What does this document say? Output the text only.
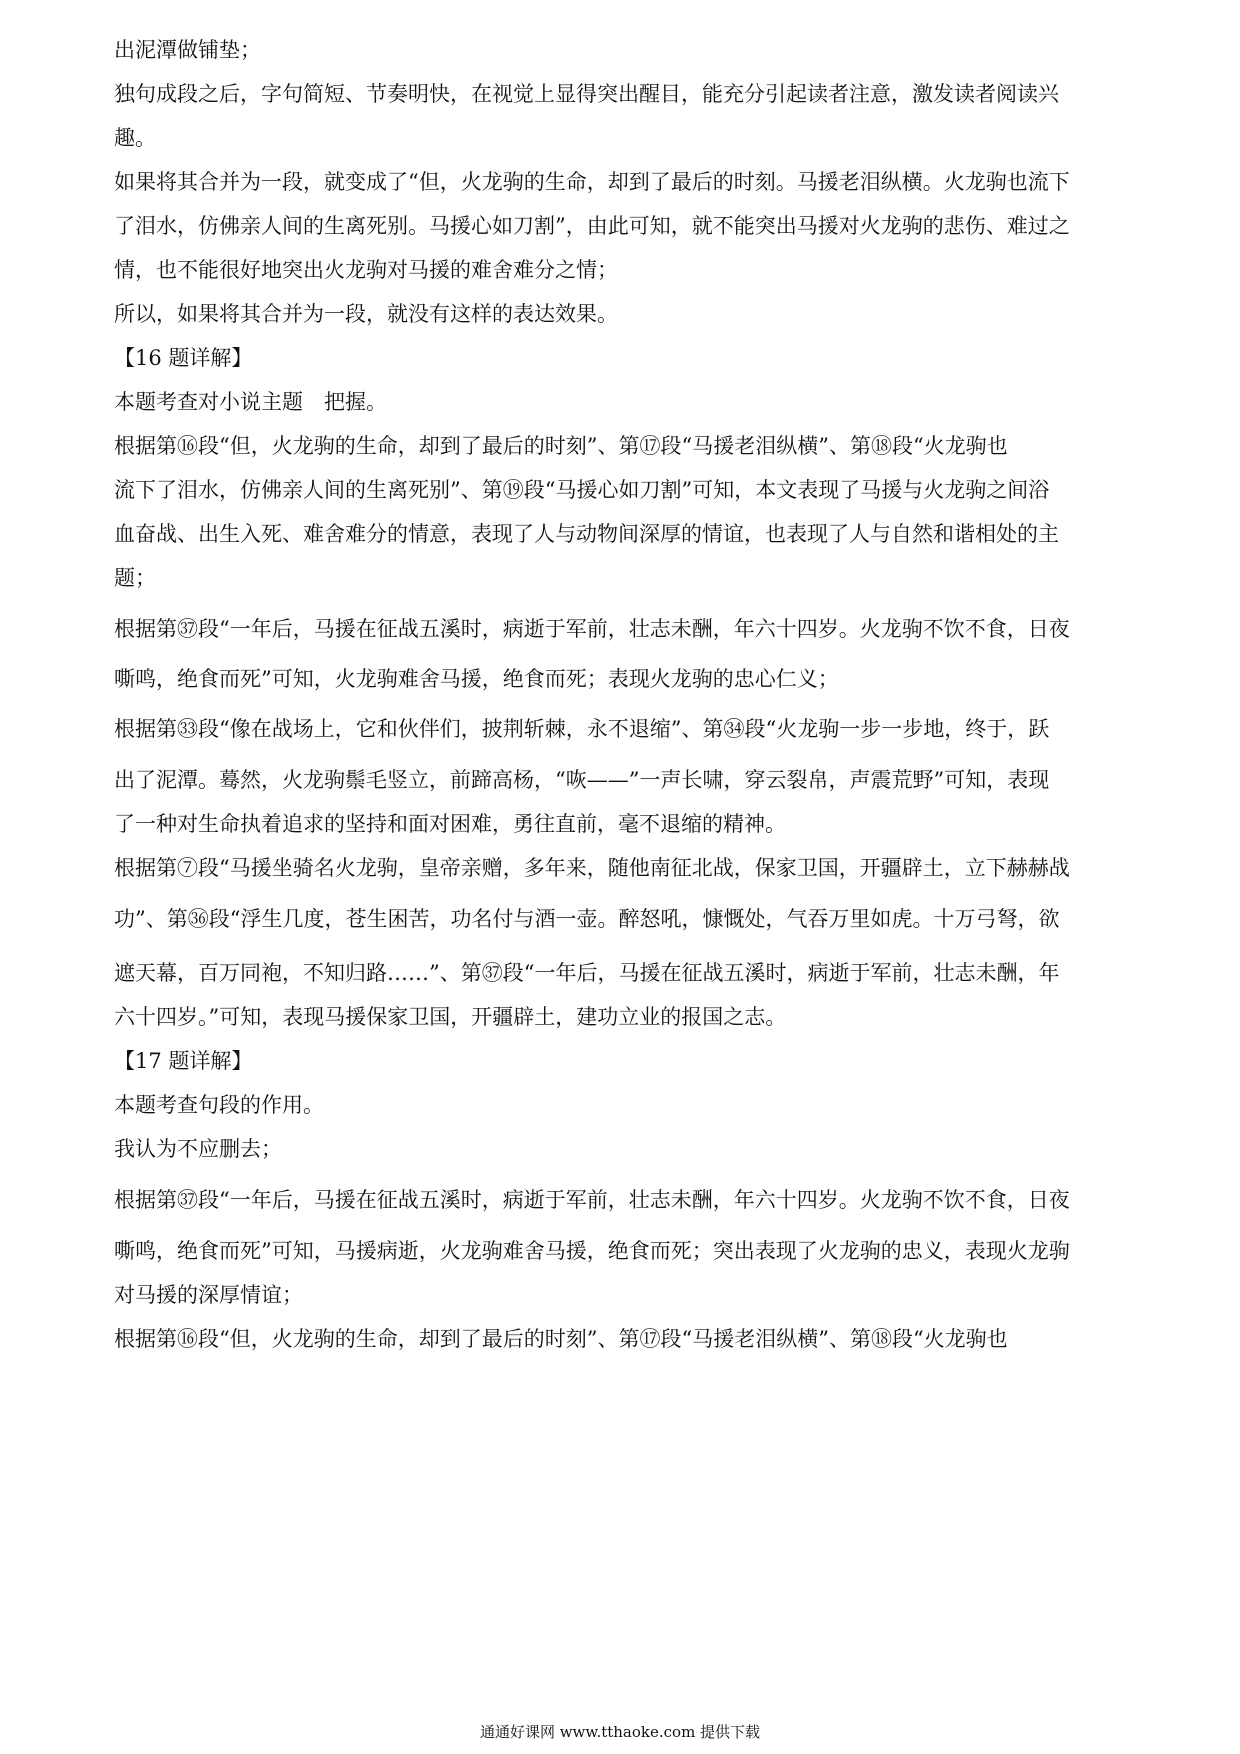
出泥潭做铺垫；
独句成段之后，字句简短、节奏明快，在视觉上显得突出醒目，能充分引起读者注意，激发读者阅读兴
趣。
如果将其合并为一段，就变成了“但，火龙驹的生命，却到了最后的时刻。马援老泪纵横。火龙驹也流下
了泪水，仿佛亲人间的生离死别。马援心如刀割”，由此可知，就不能突出马援对火龙驹的悲伤、难过之
情，也不能很好地突出火龙驹对马援的难舍难分之情；
所以，如果将其合并为一段，就没有这样的表达效果。
【16 题详解】
本题考查对小说主题　把握。
根据第⑯段“但，火龙驹的生命，却到了最后的时刻”、第⑰段“马援老泪纵横”、第⑱段“火龙驹也
流下了泪水，仿佛亲人间的生离死别”、第⑲段“马援心如刀割”可知，本文表现了马援与火龙驹之间浴
血奋战、出生入死、难舍难分的情意，表现了人与动物间深厚的情谊，也表现了人与自然和谐相处的主
题；
根据第㊲段“一年后，马援在征战五溪时，病逝于军前，壮志未酬，年六十四岁。火龙驹不饮不食，日夜
嘶鸣，绝食而死”可知，火龙驹难舍马援，绝食而死；表现火龙驹的忠心仁义；
根据第㉝段“像在战场上，它和伙伴们，披荆斩棘，永不退缩”、第㉞段“火龙驹一步一步地，终于，跃
出了泥潭。蓦然，火龙驹鬃毛竖立，前蹄高杨，“咴——”一声长啸，穿云裂帛，声震荒野”可知，表现
了一种对生命执着追求的坚持和面对困难，勇往直前，毫不退缩的精神。
根据第⑦段“马援坐骑名火龙驹，皇帝亲赠，多年来，随他南征北战，保家卫国，开疆辟土，立下赫赫战
功”、第㊱段“浮生几度，苍生困苦，功名付与酒一壶。醉怒吼，慷慨处，气吞万里如虎。十万弓弩，欲
遮天幕，百万同袍，不知归路……”、第㊲段“一年后，马援在征战五溪时，病逝于军前，壮志未酬，年
六十四岁。”可知，表现马援保家卫国，开疆辟土，建功立业的报国之志。
【17 题详解】
本题考查句段的作用。
我认为不应删去；
根据第㊲段“一年后，马援在征战五溪时，病逝于军前，壮志未酬，年六十四岁。火龙驹不饮不食，日夜
嘶鸣，绝食而死”可知，马援病逝，火龙驹难舍马援，绝食而死；突出表现了火龙驹的忠义，表现火龙驹
对马援的深厚情谊；
根据第⑯段“但，火龙驹的生命，却到了最后的时刻”、第⑰段“马援老泪纵横”、第⑱段“火龙驹也
通通好课网 www.tthaoke.com 提供下载
